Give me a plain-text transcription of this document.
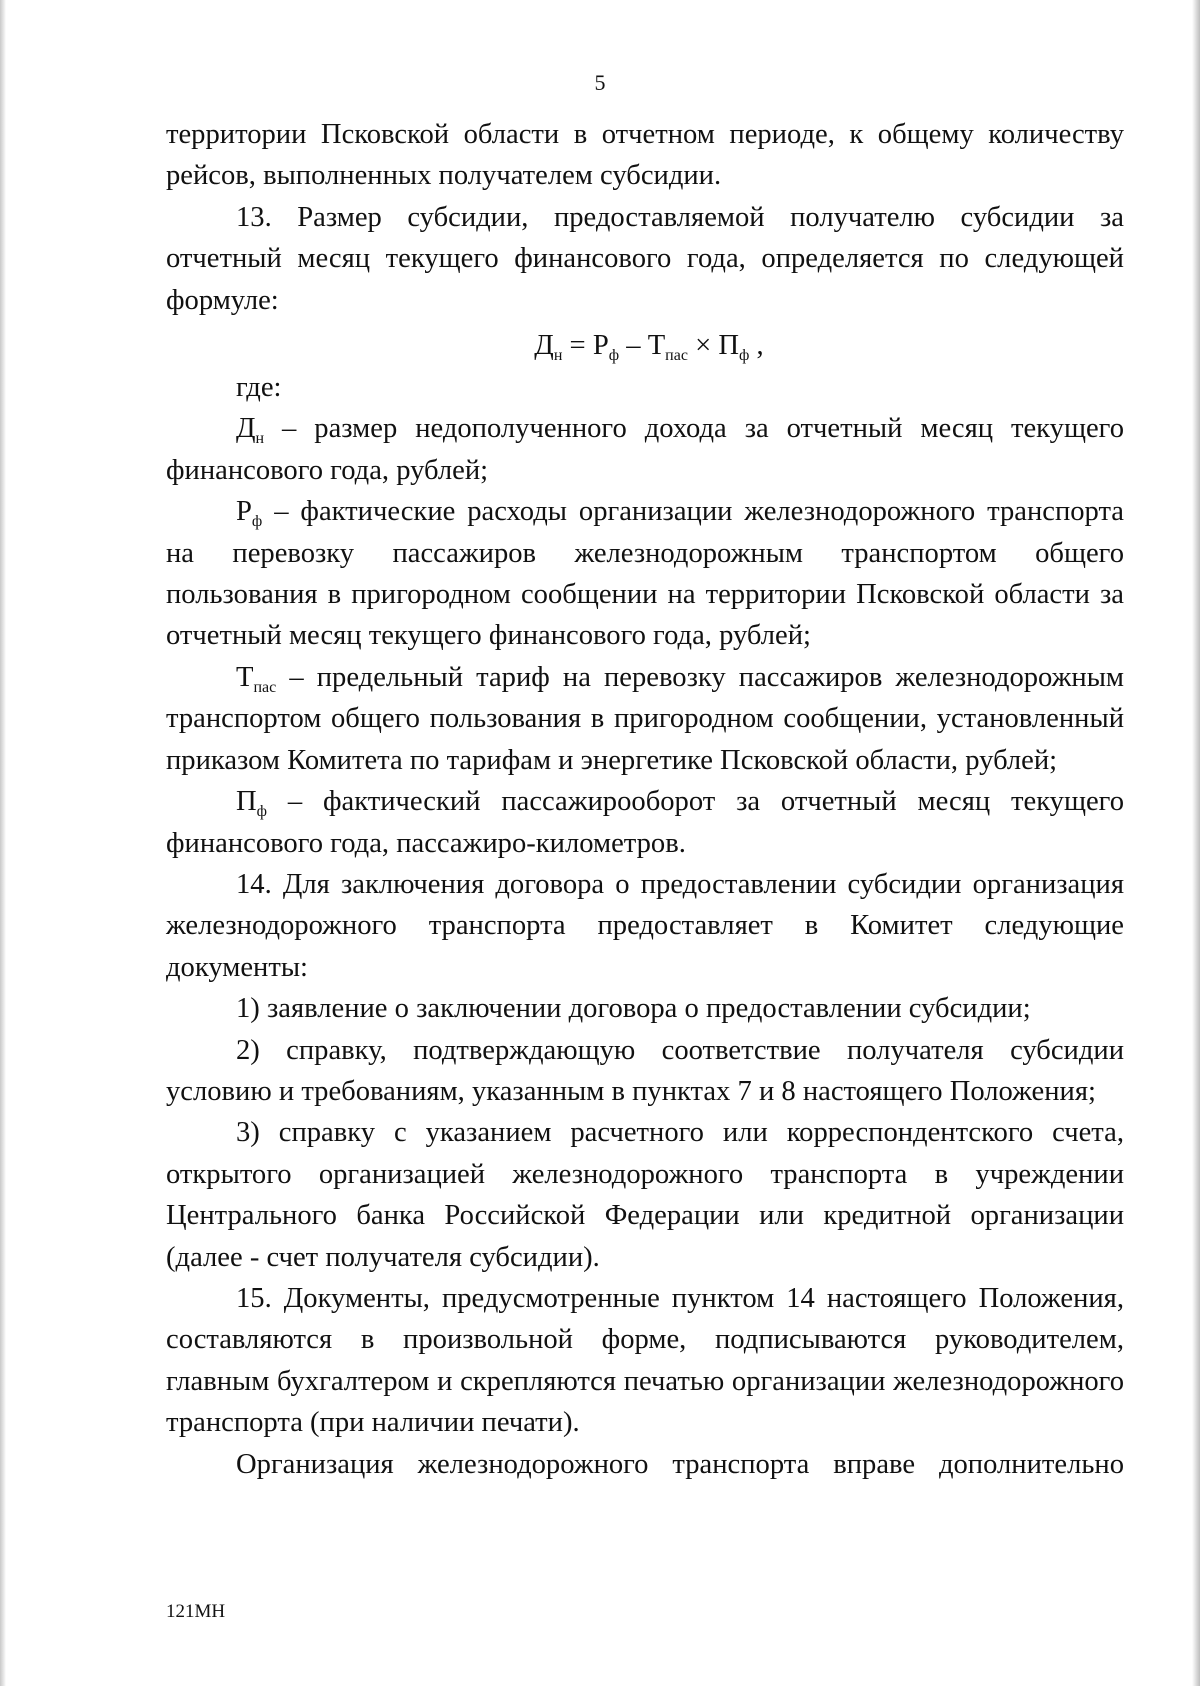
5

территории Псковской области в отчетном периоде, к общему количеству рейсов, выполненных получателем субсидии.

13. Размер субсидии, предоставляемой получателю субсидии за отчетный месяц текущего финансового года, определяется по следующей формуле:

$Д_н = Р_ф - Т_{пас} \times П_ф$ ,

где:

$Д_н$ – размер недополученного дохода за отчетный месяц текущего финансового года, рублей;

$Р_ф$ – фактические расходы организации железнодорожного транспорта на перевозку пассажиров железнодорожным транспортом общего пользования в пригородном сообщении на территории Псковской области за отчетный месяц текущего финансового года, рублей;

$Т_{пас}$ – предельный тариф на перевозку пассажиров железнодорожным транспортом общего пользования в пригородном сообщении, установленный приказом Комитета по тарифам и энергетике Псковской области, рублей;

$П_ф$ – фактический пассажирооборот за отчетный месяц текущего финансового года, пассажиро-километров.

14. Для заключения договора о предоставлении субсидии организация железнодорожного транспорта предоставляет в Комитет следующие документы:

1) заявление о заключении договора о предоставлении субсидии;

2) справку, подтверждающую соответствие получателя субсидии условию и требованиям, указанным в пунктах 7 и 8 настоящего Положения;

3) справку с указанием расчетного или корреспондентского счета, открытого организацией железнодорожного транспорта в учреждении Центрального банка Российской Федерации или кредитной организации (далее - счет получателя субсидии).

15. Документы, предусмотренные пунктом 14 настоящего Положения, составляются в произвольной форме, подписываются руководителем, главным бухгалтером и скрепляются печатью организации железнодорожного транспорта (при наличии печати).

Организация железнодорожного транспорта вправе дополнительно

121МН
